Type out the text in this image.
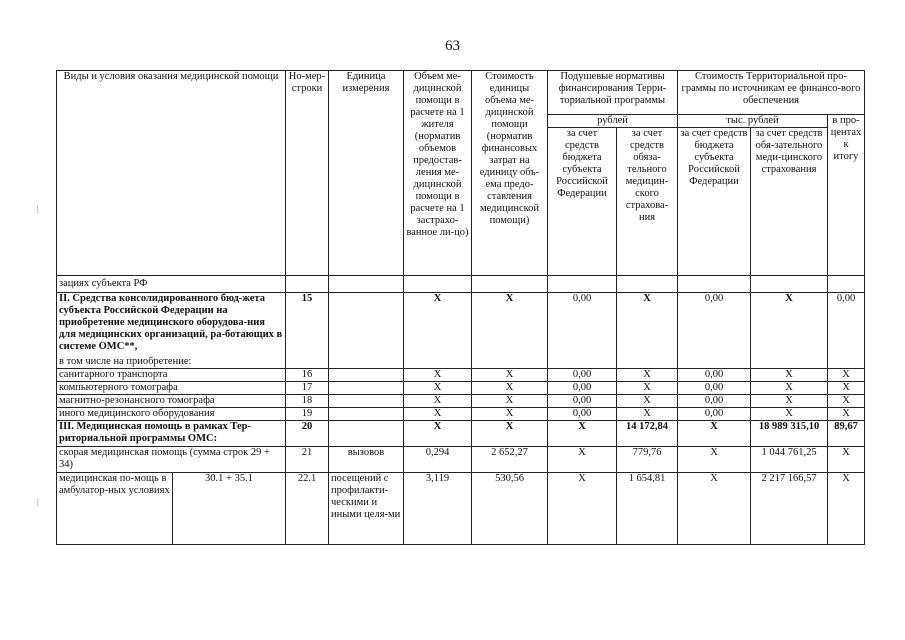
63
Виды и условия оказания медицинской помощи		Но-мер-строки	Единица измерения	Объем ме-дицинской помощи в расчете на 1 жителя (норматив объемов предостав-ления ме-дицинской помощи в расчете на 1 застрахо-ванное ли-цо)	Стоимость единицы объема ме-дицинской помощи (норматив финансовых затрат на единицу объ-ема предо-ставления медицинской помощи)	Подушевые нормативы финансирования Терри-ториальной программы		Стоимость Территориальной про-граммы по источникам ее финансо-вого обеспечения		
						рублей		тыс. рублей		в про-центах к итогу
						за счет средств бюджета субъекта Российской Федерации	за счет средств обяза-тельного медицин-ского страхова-ния	за счет средств бюджета субъекта Российской Федерации	за счет средств обя-зательного меди-цинского страхования	
зациях субъекта РФ										
II. Средства консолидированного бюд-жета субъекта Российской Федерации на приобретение медицинского оборудова-ния для медицинских организаций, ра-ботающих в системе ОМС**,		15		X	X	0,00	X	0,00	X	0,00
в том числе на приобретение:										
санитарного транспорта		16		X	X	0,00	X	0,00	X	X
компьютерного томографа		17		X	X	0,00	X	0,00	X	X
магнитно-резонансного томографа		18		X	X	0,00	X	0,00	X	X
иного медицинского оборудования		19		X	X	0,00	X	0,00	X	X
III. Медицинская помощь в рамках Тер-риториальной программы ОМС:		20		X	X	X	14 172,84	X	18 989 315,10	89,67
скорая медицинская помощь (сумма строк 29 + 34)		21	вызовов	0,294	2 652,27	X	779,76	X	1 044 761,25	X
медицинская по-мощь в амбулатор-ных условиях	30.1 + 35.1	22.1	посещений с профилакти-ческими и иными целя-ми	3,119	530,56	X	1 654,81	X	2 217 166,57	X
⁝
⁝
